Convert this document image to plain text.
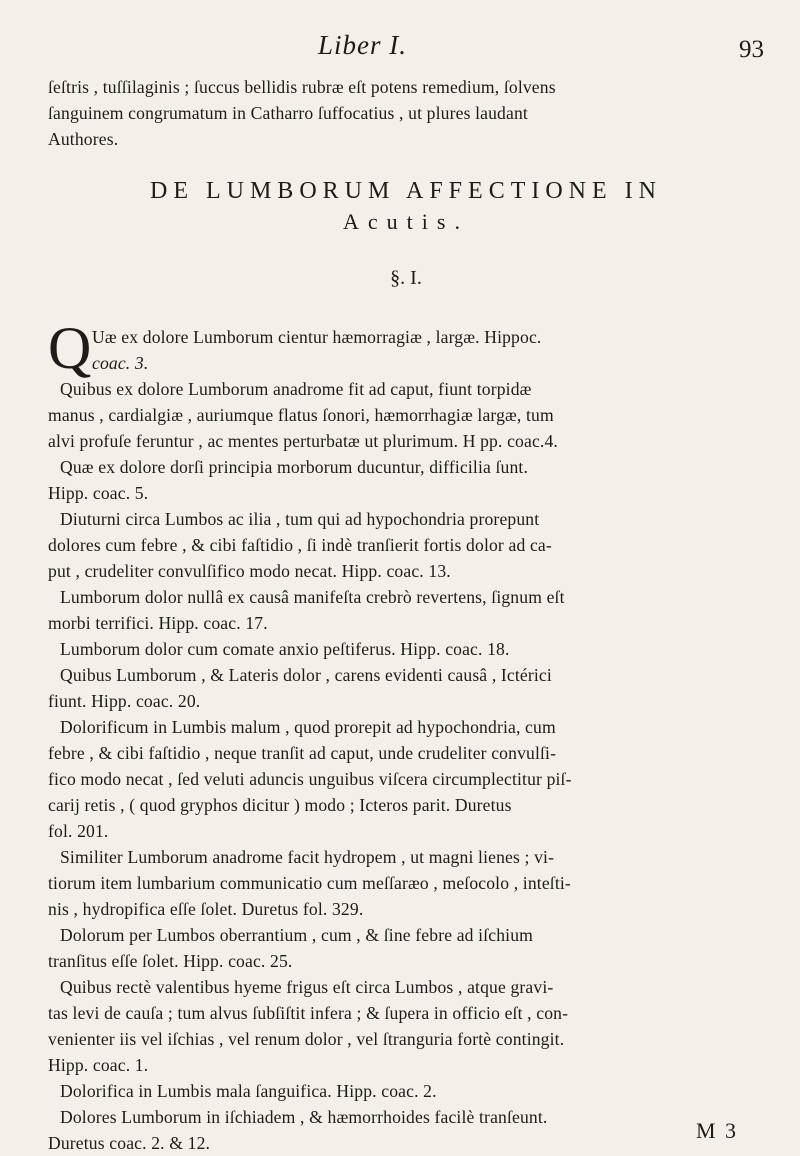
Liber I.	93
ſeſtris , tuſſilaginis ; ſuccus bellidis rubræ eſt potens remedium, ſolvens
ſanguinem congrumatum in Catharro ſuffocatius , ut plures laudant
Authores.
DE LUMBORUM AFFECTIONE IN
Acutis.
§. I.
Q Uæ ex dolore Lumborum cientur hæmorragiæ , largæ. Hippoc.
coac. 3.
Quibus ex dolore Lumborum anadrome fit ad caput, fiunt torpidæ
manus , cardialgiæ , auriumque flatus ſonori, hæmorrhagiæ largæ, tum
alvi profuſe feruntur , ac mentes perturbatæ ut plurimum. H pp. coac.4.
Quæ ex dolore dorſi principia morborum ducuntur, difficilia ſunt.
Hipp. coac. 5.
Diuturni circa Lumbos ac ilia , tum qui ad hypochondria prorepunt
dolores cum febre , & cibi faſtidio , ſi indè tranſierit fortis dolor ad ca-
put , crudeliter convulſifico modo necat. Hipp. coac. 13.
Lumborum dolor nullâ ex causâ manifeſta crebrò revertens, ſignum eſt
morbi terrifici. Hipp. coac. 17.
Lumborum dolor cum comate anxio peſtiferus. Hipp. coac. 18.
Quibus Lumborum , & Lateris dolor , carens evidenti causâ , Ictérici
fiunt. Hipp. coac. 20.
Dolorificum in Lumbis malum , quod prorepit ad hypochondria, cum
febre , & cibi faſtidio , neque tranſit ad caput, unde crudeliter convulſi-
fico modo necat , ſed veluti aduncis unguibus viſcera circumplectitur piſ-
carij retis , ( quod gryphos dicitur ) modo ; Icteros parit. Duretus
fol. 201.
Similiter Lumborum anadrome facit hydropem , ut magni lienes ; vi-
tiorum item lumbarium communicatio cum meſſaræo , meſocolo , inteſti-
nis , hydropifica eſſe ſolet. Duretus fol. 329.
Dolorum per Lumbos oberrantium , cum , & ſine febre ad iſchium
tranſitus eſſe ſolet. Hipp. coac. 25.
Quibus rectè valentibus hyeme frigus eſt circa Lumbos , atque gravi-
tas levi de cauſa ; tum alvus ſubſiſtit infera ; & ſupera in officio eſt , con-
venienter iis vel iſchias , vel renum dolor , vel ſtranguria fortè contingit.
Hipp. coac. 1.
Dolorifica in Lumbis mala ſanguifica. Hipp. coac. 2.
Dolores Lumborum in iſchiadem , & hæmorrhoides facilè tranſeunt.
Duretus coac. 2. & 12.	M 3
